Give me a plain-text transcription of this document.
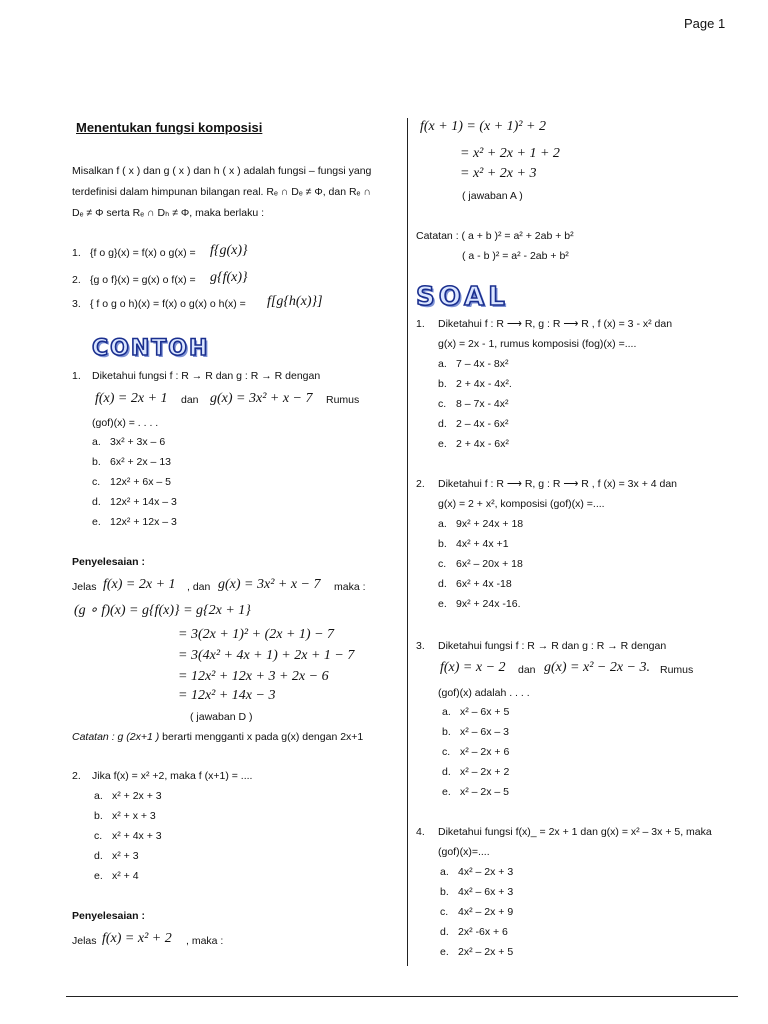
Page 1
Menentukan fungsi komposisi
Misalkan f ( x ) dan g ( x ) dan h ( x ) adalah fungsi – fungsi yang
terdefinisi dalam himpunan bilangan real. Rₑ ∩ Dₑ ≠ Φ, dan Rₑ ∩
Dₑ ≠ Φ serta Rₑ ∩ Dₕ ≠ Φ, maka berlaku :
1. {f o g}(x) = f(x) o g(x) = f{g(x)}
2. {g o f}(x) = g(x) o f(x) = g{f(x)}
3. { f o g o h)(x) = f(x) o g(x) o h(x) = f[g{h(x)}]
CONTOH
1. Diketahui fungsi f : R → R dan g : R → R dengan
f(x) = 2x + 1 dan g(x) = 3x² + x − 7 Rumus
(gof)(x) = . . . .
a. 3x² + 3x – 6
b. 6x² + 2x – 13
c. 12x² + 6x – 5
d. 12x² + 14x – 3
e. 12x² + 12x – 3
Penyelesaian :
Jelas f(x) = 2x + 1 , dan g(x) = 3x² + x − 7 maka :
(g ∘ f)(x) = g{f(x)} = g{2x + 1}
= 3(2x + 1)² + (2x + 1) − 7
= 3(4x² + 4x + 1) + 2x + 1 − 7
= 12x² + 12x + 3 + 2x − 6
= 12x² + 14x − 3
( jawaban D )
Catatan : g (2x+1 ) berarti mengganti x pada g(x) dengan 2x+1
2. Jika f(x) = x² +2, maka f (x+1) = ....
a. x² + 2x + 3
b. x² + x + 3
c. x² + 4x + 3
d. x² + 3
e. x² + 4
Penyelesaian :
Jelas f(x) = x² + 2 , maka :
f(x + 1) = (x + 1)² + 2
= x² + 2x + 1 + 2
= x² + 2x + 3
( jawaban A )
Catatan : ( a + b )² = a² + 2ab + b²
( a - b )² = a² - 2ab + b²
SOAL
1. Diketahui f : R ⟶ R, g : R ⟶ R , f (x) = 3 - x² dan
g(x) = 2x - 1, rumus komposisi (fog)(x) =....
a. 7 – 4x - 8x²
b. 2 + 4x - 4x².
c. 8 – 7x - 4x²
d. 2 – 4x - 6x²
e. 2 + 4x - 6x²
2. Diketahui f : R ⟶ R, g : R ⟶ R , f (x) = 3x + 4 dan
g(x) = 2 + x², komposisi (gof)(x) =....
a. 9x² + 24x + 18
b. 4x² + 4x +1
c. 6x² – 20x + 18
d. 6x² + 4x -18
e. 9x² + 24x -16.
3. Diketahui fungsi f : R → R dan g : R → R dengan
f(x) = x − 2 dan g(x) = x² − 2x − 3. Rumus
(gof)(x) adalah . . . .
a. x² – 6x + 5
b. x² – 6x – 3
c. x² – 2x + 6
d. x² – 2x + 2
e. x² – 2x – 5
4. Diketahui fungsi f(x)_ = 2x + 1 dan g(x) = x² – 3x + 5, maka
(gof)(x)=....
a. 4x² – 2x + 3
b. 4x² – 6x + 3
c. 4x² – 2x + 9
d. 2x² -6x + 6
e. 2x² – 2x + 5
